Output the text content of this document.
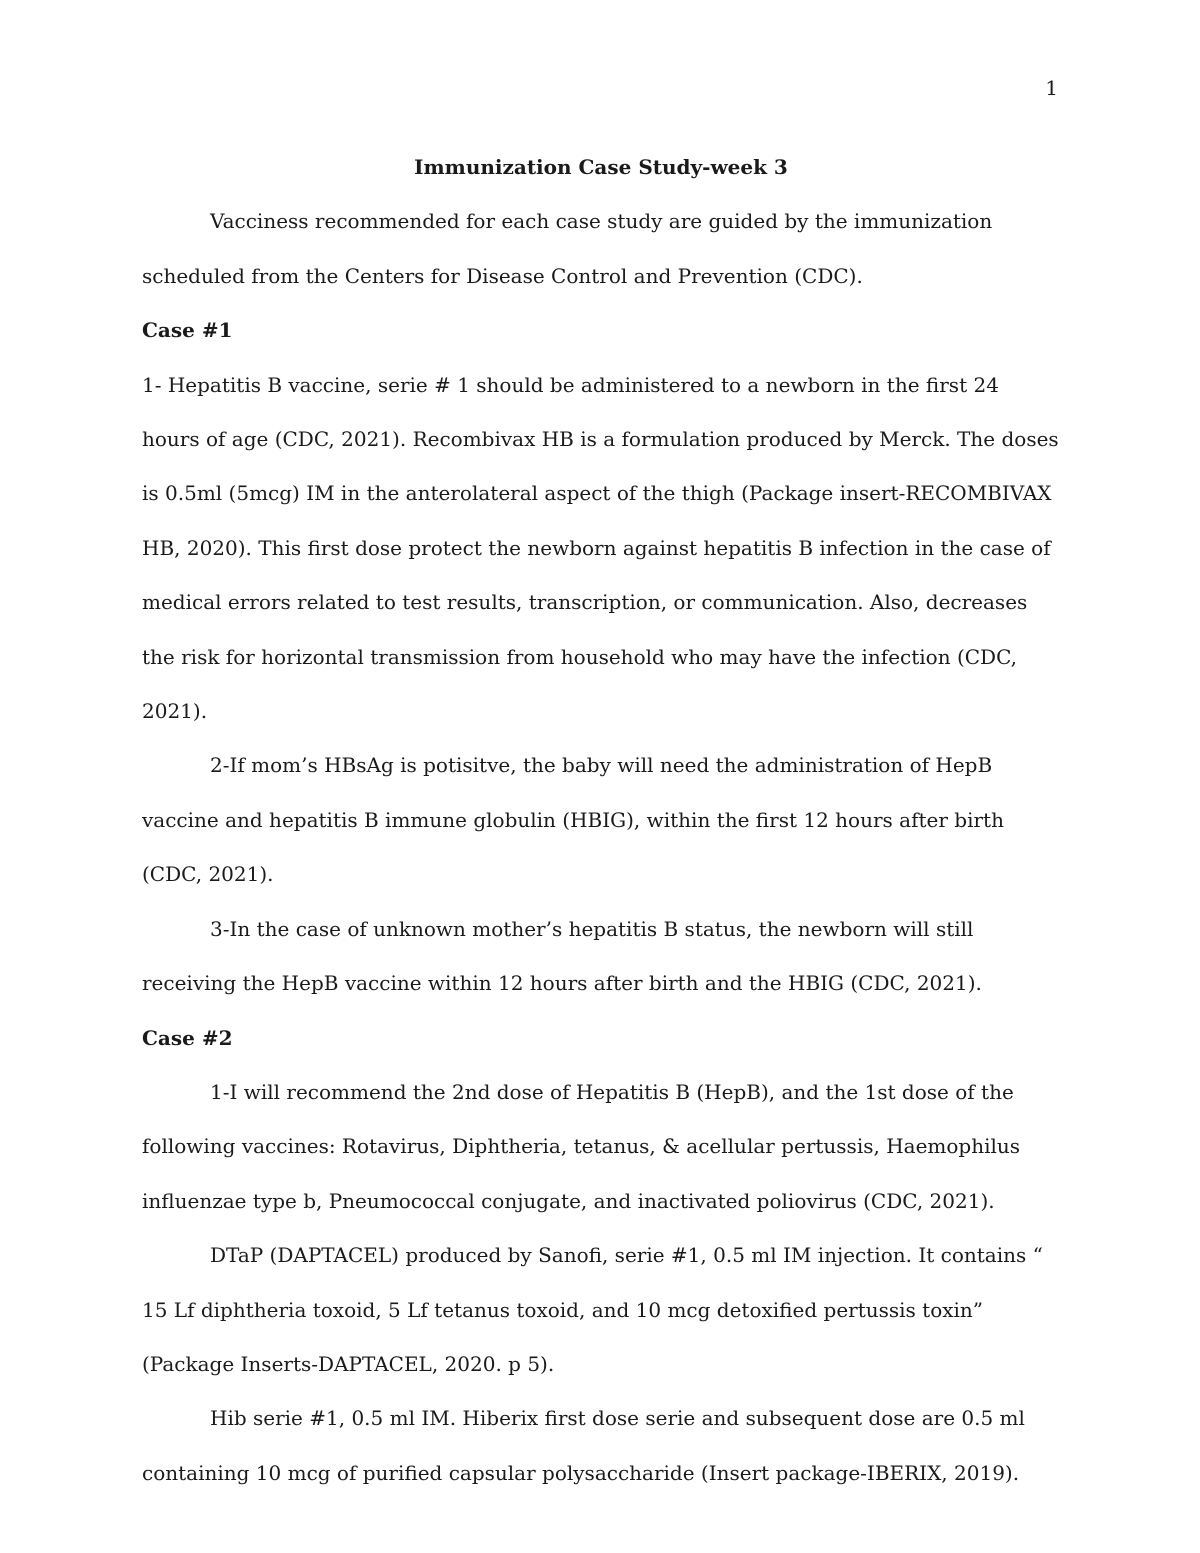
1

Immunization Case Study-week 3

Vacciness recommended for each case study are guided by the immunization scheduled from the Centers for Disease Control and Prevention (CDC).

Case #1

1- Hepatitis B vaccine, serie # 1 should be administered to a newborn in the first 24 hours of age (CDC, 2021). Recombivax HB is a formulation produced by Merck. The doses is 0.5ml (5mcg) IM in the anterolateral aspect of the thigh (Package insert-RECOMBIVAX HB, 2020). This first dose protect the newborn against hepatitis B infection in the case of medical errors related to test results, transcription, or communication. Also, decreases the risk for horizontal transmission from household who may have the infection (CDC, 2021).

2-If mom’s HBsAg is potisitve, the baby will need the administration of HepB vaccine and hepatitis B immune globulin (HBIG), within the first 12 hours after birth (CDC, 2021).

3-In the case of unknown mother’s hepatitis B status, the newborn will still receiving the HepB vaccine within 12 hours after birth and the HBIG (CDC, 2021).

Case #2

1-I will recommend the 2nd dose of Hepatitis B (HepB), and the 1st dose of the following vaccines: Rotavirus, Diphtheria, tetanus, & acellular pertussis, Haemophilus influenzae type b, Pneumococcal conjugate, and inactivated poliovirus (CDC, 2021).

DTaP (DAPTACEL) produced by Sanofi, serie #1, 0.5 ml IM injection. It contains “ 15 Lf diphtheria toxoid, 5 Lf tetanus toxoid, and 10 mcg detoxified pertussis toxin” (Package Inserts-DAPTACEL, 2020. p 5).

Hib serie #1, 0.5 ml IM. Hiberix first dose serie and subsequent dose are 0.5 ml containing 10 mcg of purified capsular polysaccharide (Insert package-IBERIX, 2019).
